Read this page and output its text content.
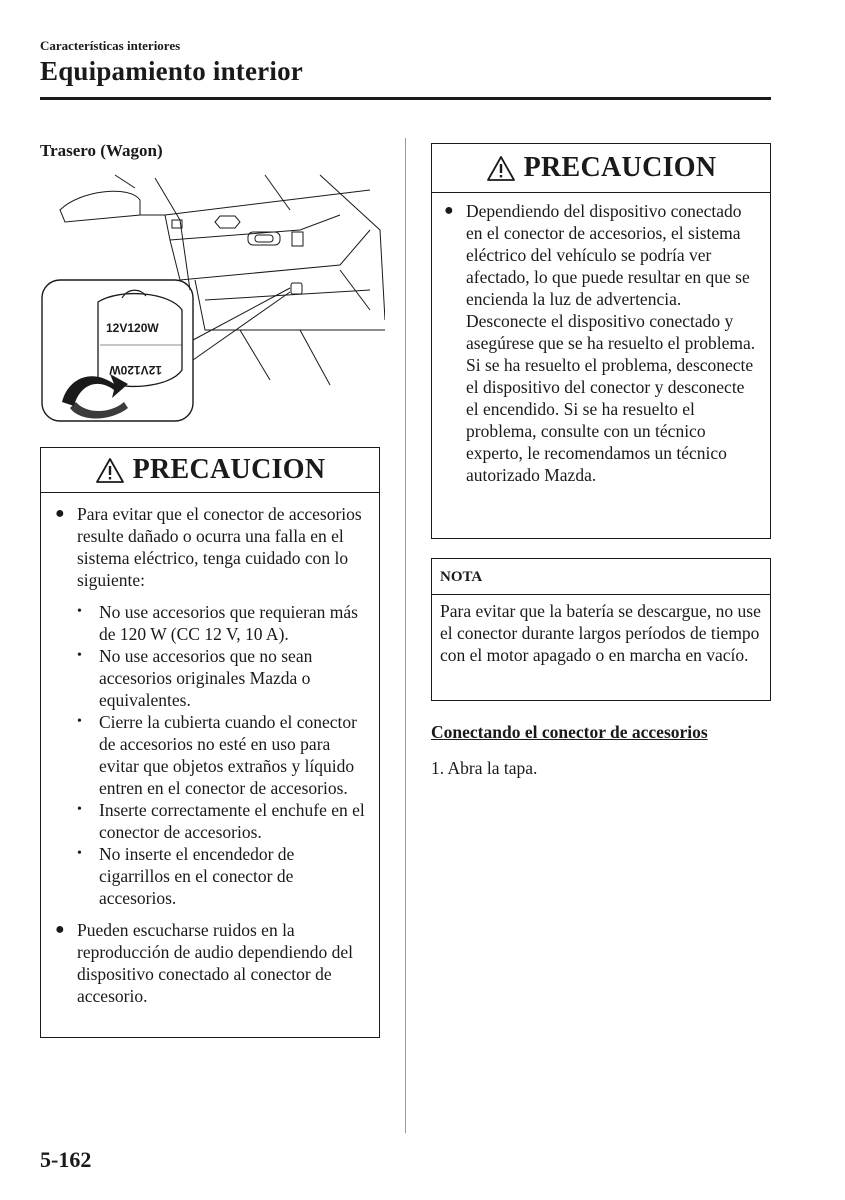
Características interiores
Equipamiento interior
Trasero (Wagon)
12V120W
12V120W
PRECAUCION
● Para evitar que el conector de accesorios resulte dañado o ocurra una falla en el sistema eléctrico, tenga cuidado con lo siguiente:
• No use accesorios que requieran más de 120 W (CC 12 V, 10 A).
• No use accesorios que no sean accesorios originales Mazda o equivalentes.
• Cierre la cubierta cuando el conector de accesorios no esté en uso para evitar que objetos extraños y líquido entren en el conector de accesorios.
• Inserte correctamente el enchufe en el conector de accesorios.
• No inserte el encendedor de cigarrillos en el conector de accesorios.
● Pueden escucharse ruidos en la reproducción de audio dependiendo del dispositivo conectado al conector de accesorio.
PRECAUCION
● Dependiendo del dispositivo conectado en el conector de accesorios, el sistema eléctrico del vehículo se podría ver afectado, lo que puede resultar en que se encienda la luz de advertencia. Desconecte el dispositivo conectado y asegúrese que se ha resuelto el problema. Si se ha resuelto el problema, desconecte el dispositivo del conector y desconecte el encendido. Si se ha resuelto el problema, consulte con un técnico experto, le recomendamos un técnico autorizado Mazda.
NOTA
Para evitar que la batería se descargue, no use el conector durante largos períodos de tiempo con el motor apagado o en marcha en vacío.
Conectando el conector de accesorios
1. Abra la tapa.
5-162
